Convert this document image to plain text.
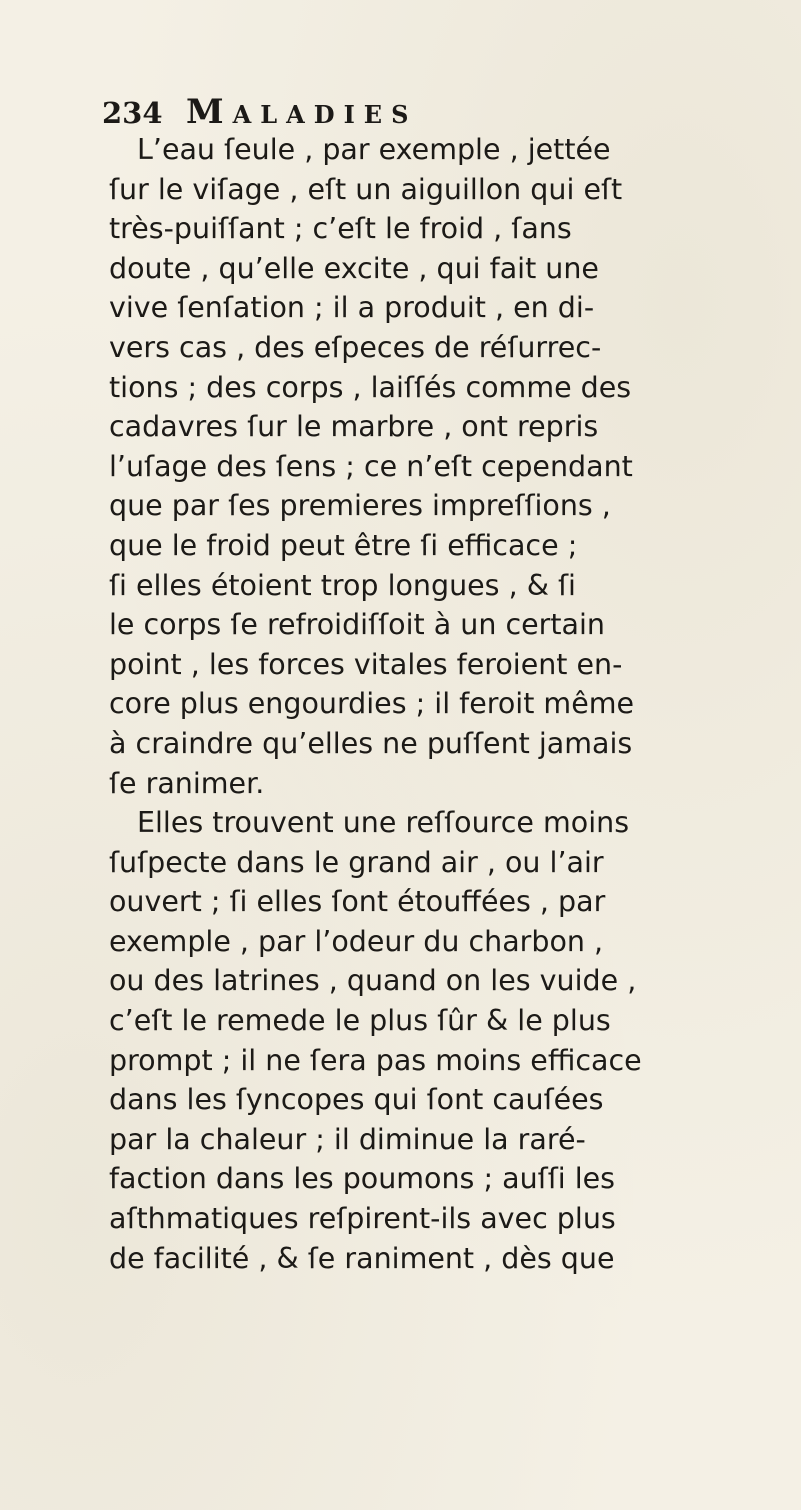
234 Maladies
L’eau ſeule , par exemple , jettée
ſur le viſage , eſt un aiguillon qui eſt
très-puiſſant ; c’eſt le froid , ſans
doute , qu’elle excite , qui fait une
vive ſenſation ; il a produit , en di-
vers cas , des eſpeces de réſurrec-
tions ; des corps , laiſſés comme des
cadavres ſur le marbre , ont repris
l’uſage des ſens ; ce n’eſt cependant
que par ſes premieres impreſſions ,
que le froid peut être ſi efficace ;
ſi elles étoient trop longues , & ſi
le corps ſe refroidiſſoit à un certain
point , les forces vitales feroient en-
core plus engourdies ; il feroit même
à craindre qu’elles ne puſſent jamais
ſe ranimer.
Elles trouvent une reſſource moins
ſuſpecte dans le grand air , ou l’air
ouvert ; ſi elles ſont étouffées , par
exemple , par l’odeur du charbon ,
ou des latrines , quand on les vuide ,
c’eſt le remede le plus ſûr & le plus
prompt ; il ne ſera pas moins efficace
dans les ſyncopes qui ſont cauſées
par la chaleur ; il diminue la raré-
faction dans les poumons ; auſſi les
aſthmatiques reſpirent-ils avec plus
de facilité , & ſe raniment , dès que
